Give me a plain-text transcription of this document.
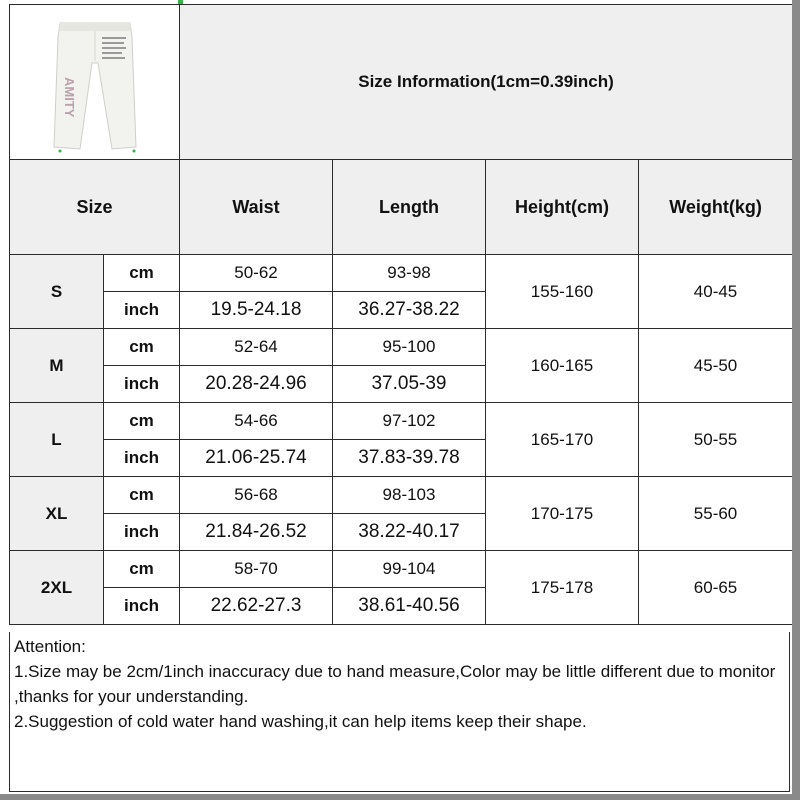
AMITY		Size Information(1cm=0.39inch)			
Size		Waist	Length	Height(cm)	Weight(kg)
S	cm	50-62	93-98	155-160	40-45
	inch	19.5-24.18	36.27-38.22		
M	cm	52-64	95-100	160-165	45-50
	inch	20.28-24.96	37.05-39		
L	cm	54-66	97-102	165-170	50-55
	inch	21.06-25.74	37.83-39.78		
XL	cm	56-68	98-103	170-175	55-60
	inch	21.84-26.52	38.22-40.17		
2XL	cm	58-70	99-104	175-178	60-65
	inch	22.62-27.3	38.61-40.56		

Attention:

1.Size may be 2cm/1inch inaccuracy due to hand measure,Color may be little different due to monitor ,thanks for your understanding.

2.Suggestion of cold water hand washing,it can help items keep their shape.
